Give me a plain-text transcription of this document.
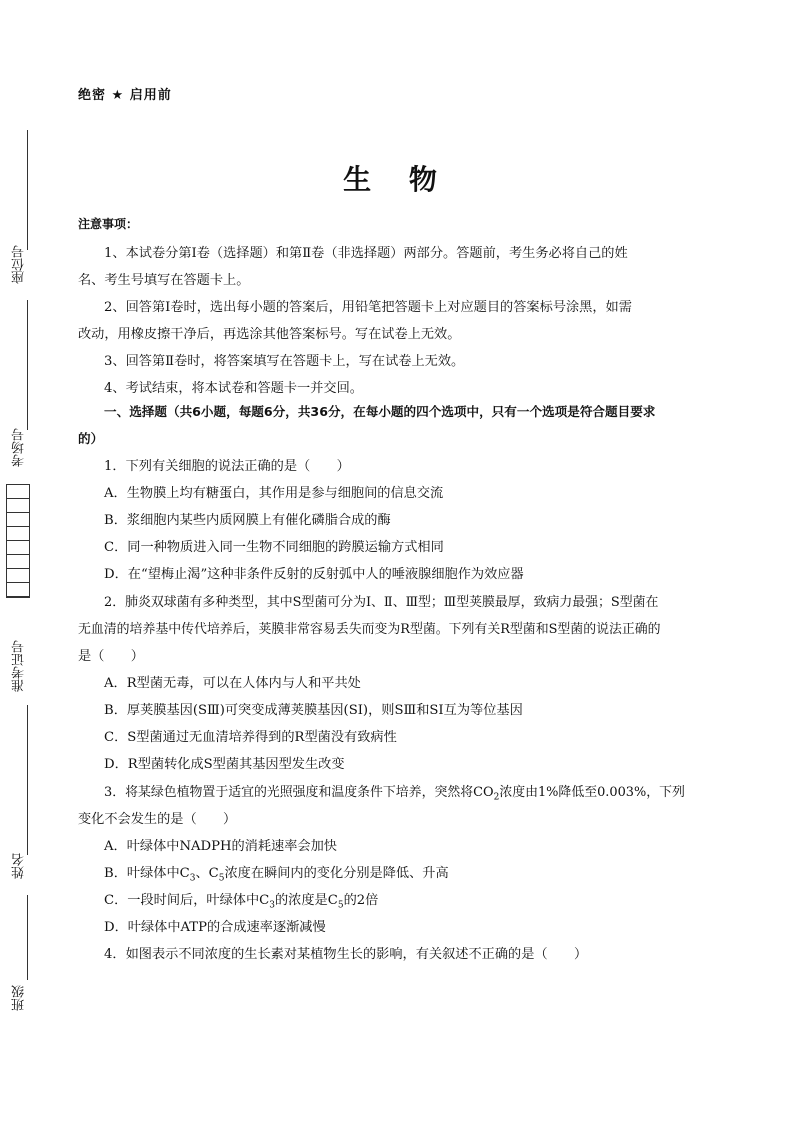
座位号
考场号
准考证号
姓名
班级
绝密 ★ 启用前
生 物
注意事项：
1、本试卷分第Ⅰ卷（选择题）和第Ⅱ卷（非选择题）两部分。答题前，考生务必将自己的姓
名、考生号填写在答题卡上。
2、回答第Ⅰ卷时，选出每小题的答案后，用铅笔把答题卡上对应题目的答案标号涂黑，如需
改动，用橡皮擦干净后，再选涂其他答案标号。写在试卷上无效。
3、回答第Ⅱ卷时，将答案填写在答题卡上，写在试卷上无效。
4、考试结束，将本试卷和答题卡一并交回。
一、选择题（共6小题，每题6分，共36分，在每小题的四个选项中，只有一个选项是符合题目要求
的）
1．下列有关细胞的说法正确的是（　　）
A．生物膜上均有糖蛋白，其作用是参与细胞间的信息交流
B．浆细胞内某些内质网膜上有催化磷脂合成的酶
C．同一种物质进入同一生物不同细胞的跨膜运输方式相同
D．在“望梅止渴”这种非条件反射的反射弧中人的唾液腺细胞作为效应器
2．肺炎双球菌有多种类型，其中S型菌可分为Ⅰ、Ⅱ、Ⅲ型；Ⅲ型荚膜最厚，致病力最强；S型菌在
无血清的培养基中传代培养后，荚膜非常容易丢失而变为R型菌。下列有关R型菌和S型菌的说法正确的
是（　　）
A．R型菌无毒，可以在人体内与人和平共处
B．厚荚膜基因(SⅢ)可突变成薄荚膜基因(SI)，则SⅢ和SI互为等位基因
C．S型菌通过无血清培养得到的R型菌没有致病性
D．R型菌转化成S型菌其基因型发生改变
3．将某绿色植物置于适宜的光照强度和温度条件下培养，突然将$CO_2$浓度由1%降低至0.003%，下列
变化不会发生的是（　　）
A．叶绿体中NADPH的消耗速率会加快
B．叶绿体中$C_3$、$C_5$浓度在瞬间内的变化分别是降低、升高
C．一段时间后，叶绿体中$C_3$的浓度是$C_5$的2倍
D．叶绿体中ATP的合成速率逐渐减慢
4．如图表示不同浓度的生长素对某植物生长的影响，有关叙述不正确的是（　　）
